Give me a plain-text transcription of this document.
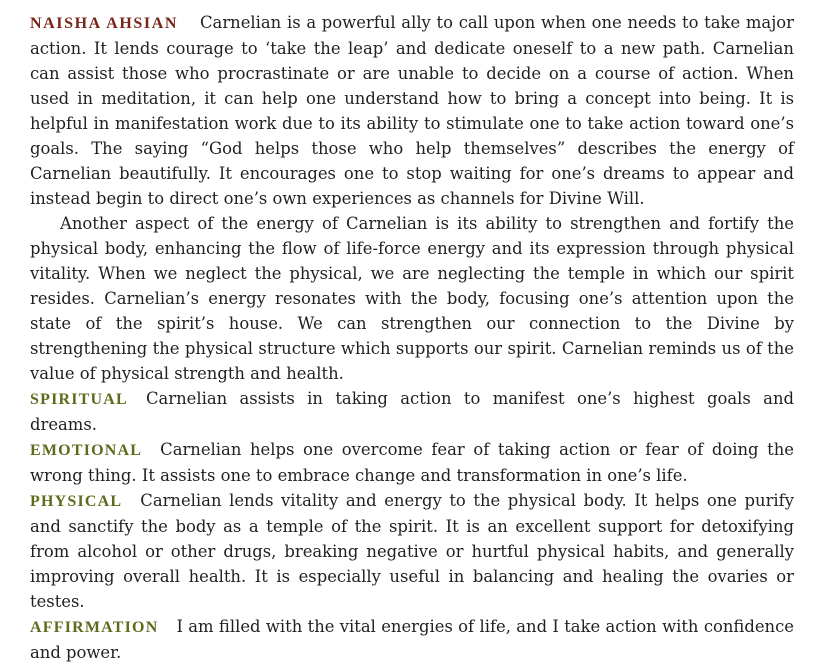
NAISHA AHSIAN Carnelian is a powerful ally to call upon when one needs to take major action. It lends courage to ‘take the leap’ and dedicate oneself to a new path. Carnelian can assist those who procrastinate or are unable to decide on a course of action. When used in meditation, it can help one understand how to bring a concept into being. It is helpful in manifestation work due to its ability to stimulate one to take action toward one’s goals. The saying “God helps those who help themselves” describes the energy of Carnelian beautifully. It encourages one to stop waiting for one’s dreams to appear and instead begin to direct one’s own experiences as channels for Divine Will.

Another aspect of the energy of Carnelian is its ability to strengthen and fortify the physical body, enhancing the flow of life-force energy and its expression through physical vitality. When we neglect the physical, we are neglecting the temple in which our spirit resides. Carnelian’s energy resonates with the body, focusing one’s attention upon the state of the spirit’s house. We can strengthen our connection to the Divine by strengthening the physical structure which supports our spirit. Carnelian reminds us of the value of physical strength and health.

SPIRITUAL Carnelian assists in taking action to manifest one’s highest goals and dreams.

EMOTIONAL Carnelian helps one overcome fear of taking action or fear of doing the wrong thing. It assists one to embrace change and transformation in one’s life.

PHYSICAL Carnelian lends vitality and energy to the physical body. It helps one purify and sanctify the body as a temple of the spirit. It is an excellent support for detoxifying from alcohol or other drugs, breaking negative or hurtful physical habits, and generally improving overall health. It is especially useful in balancing and healing the ovaries or testes.

AFFIRMATION I am filled with the vital energies of life, and I take action with confidence and power.
